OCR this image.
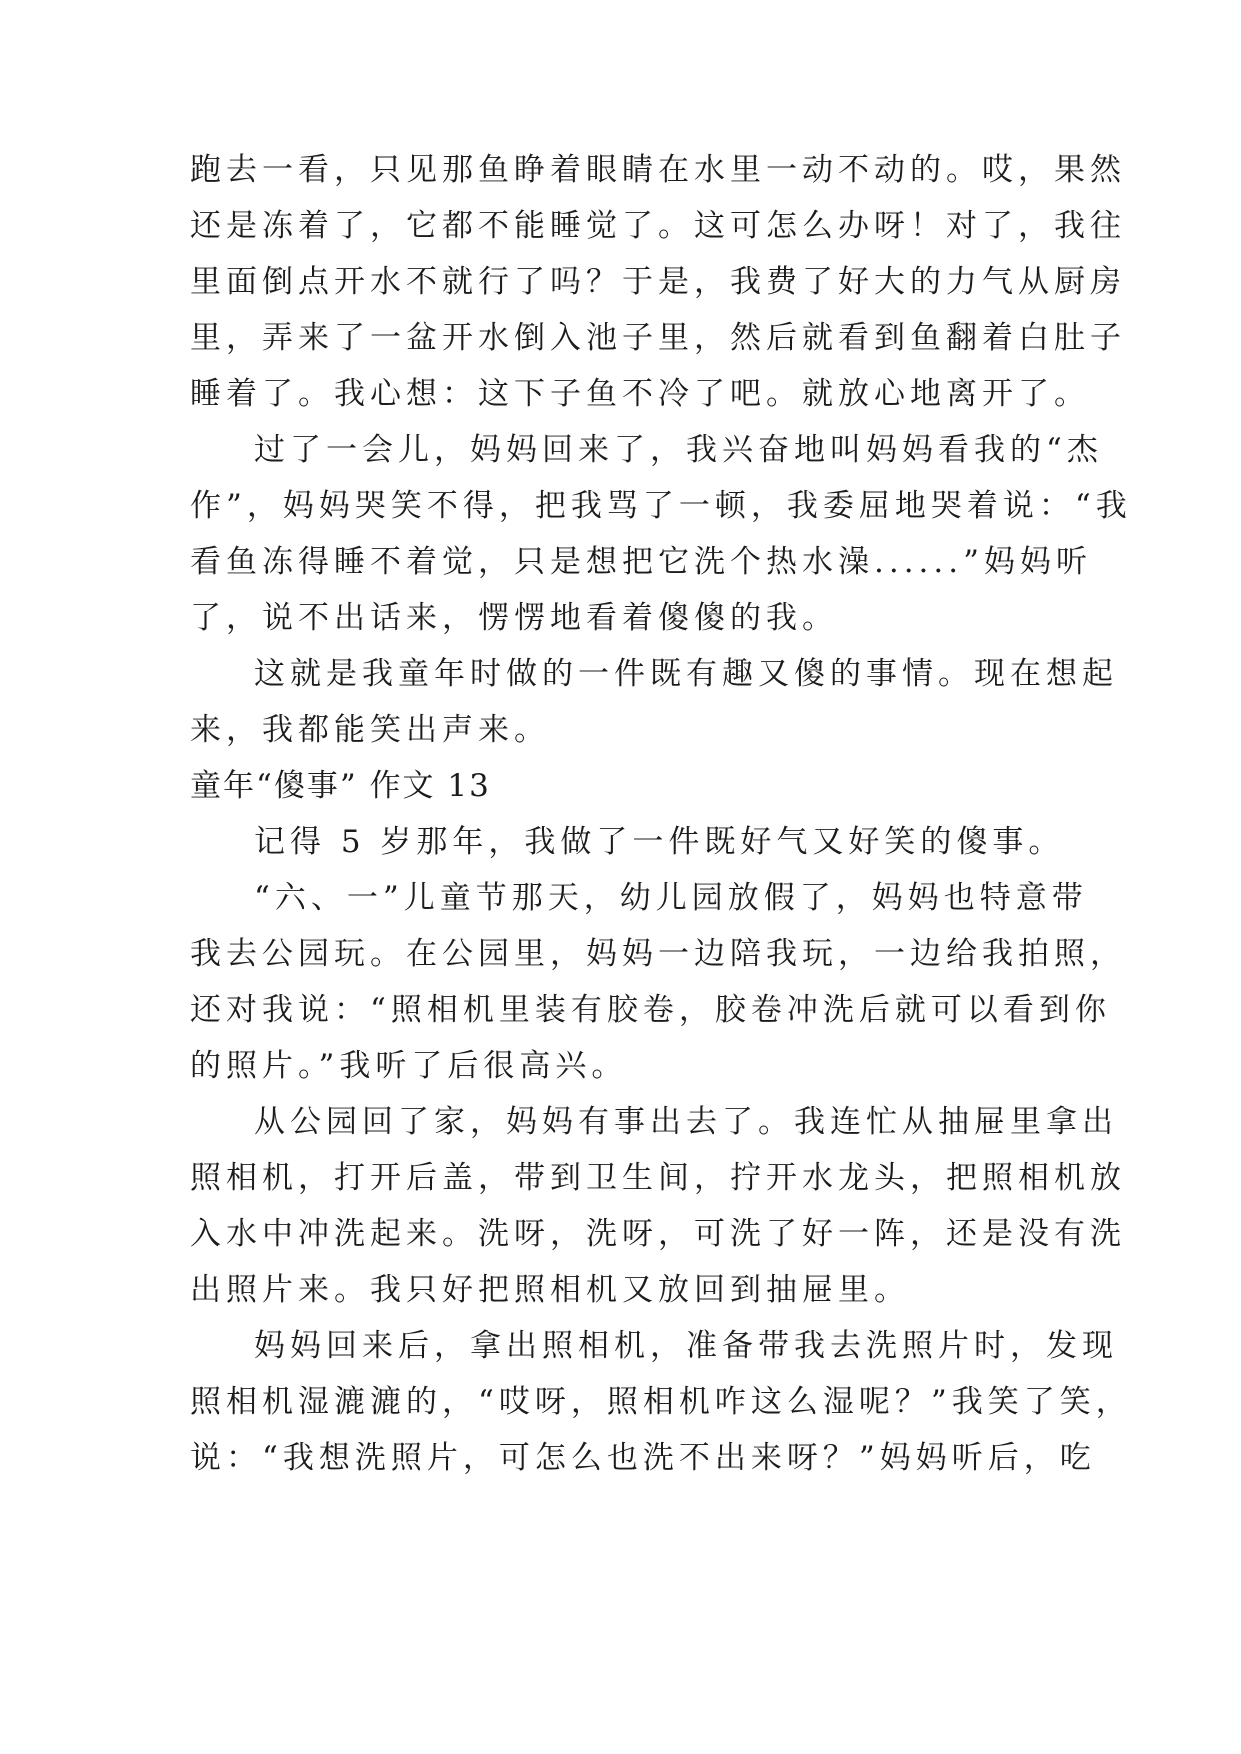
跑去一看，只见那鱼睁着眼睛在水里一动不动的。哎，果然
还是冻着了，它都不能睡觉了。这可怎么办呀！对了，我往
里面倒点开水不就行了吗？于是，我费了好大的力气从厨房
里，弄来了一盆开水倒入池子里，然后就看到鱼翻着白肚子
睡着了。我心想：这下子鱼不冷了吧。就放心地离开了。
过了一会儿，妈妈回来了，我兴奋地叫妈妈看我的“杰
作”，妈妈哭笑不得，把我骂了一顿，我委屈地哭着说：“我
看鱼冻得睡不着觉，只是想把它洗个热水澡......”妈妈听
了，说不出话来，愣愣地看着傻傻的我。
这就是我童年时做的一件既有趣又傻的事情。现在想起
来，我都能笑出声来。
童年“傻事” 作文 13
记得 5 岁那年，我做了一件既好气又好笑的傻事。
“六、一”儿童节那天，幼儿园放假了，妈妈也特意带
我去公园玩。在公园里，妈妈一边陪我玩，一边给我拍照，
还对我说：“照相机里装有胶卷，胶卷冲洗后就可以看到你
的照片。”我听了后很高兴。
从公园回了家，妈妈有事出去了。我连忙从抽屉里拿出
照相机，打开后盖，带到卫生间，拧开水龙头，把照相机放
入水中冲洗起来。洗呀，洗呀，可洗了好一阵，还是没有洗
出照片来。我只好把照相机又放回到抽屉里。
妈妈回来后，拿出照相机，准备带我去洗照片时，发现
照相机湿漉漉的，“哎呀，照相机咋这么湿呢？”我笑了笑，
说：“我想洗照片，可怎么也洗不出来呀？”妈妈听后，吃
